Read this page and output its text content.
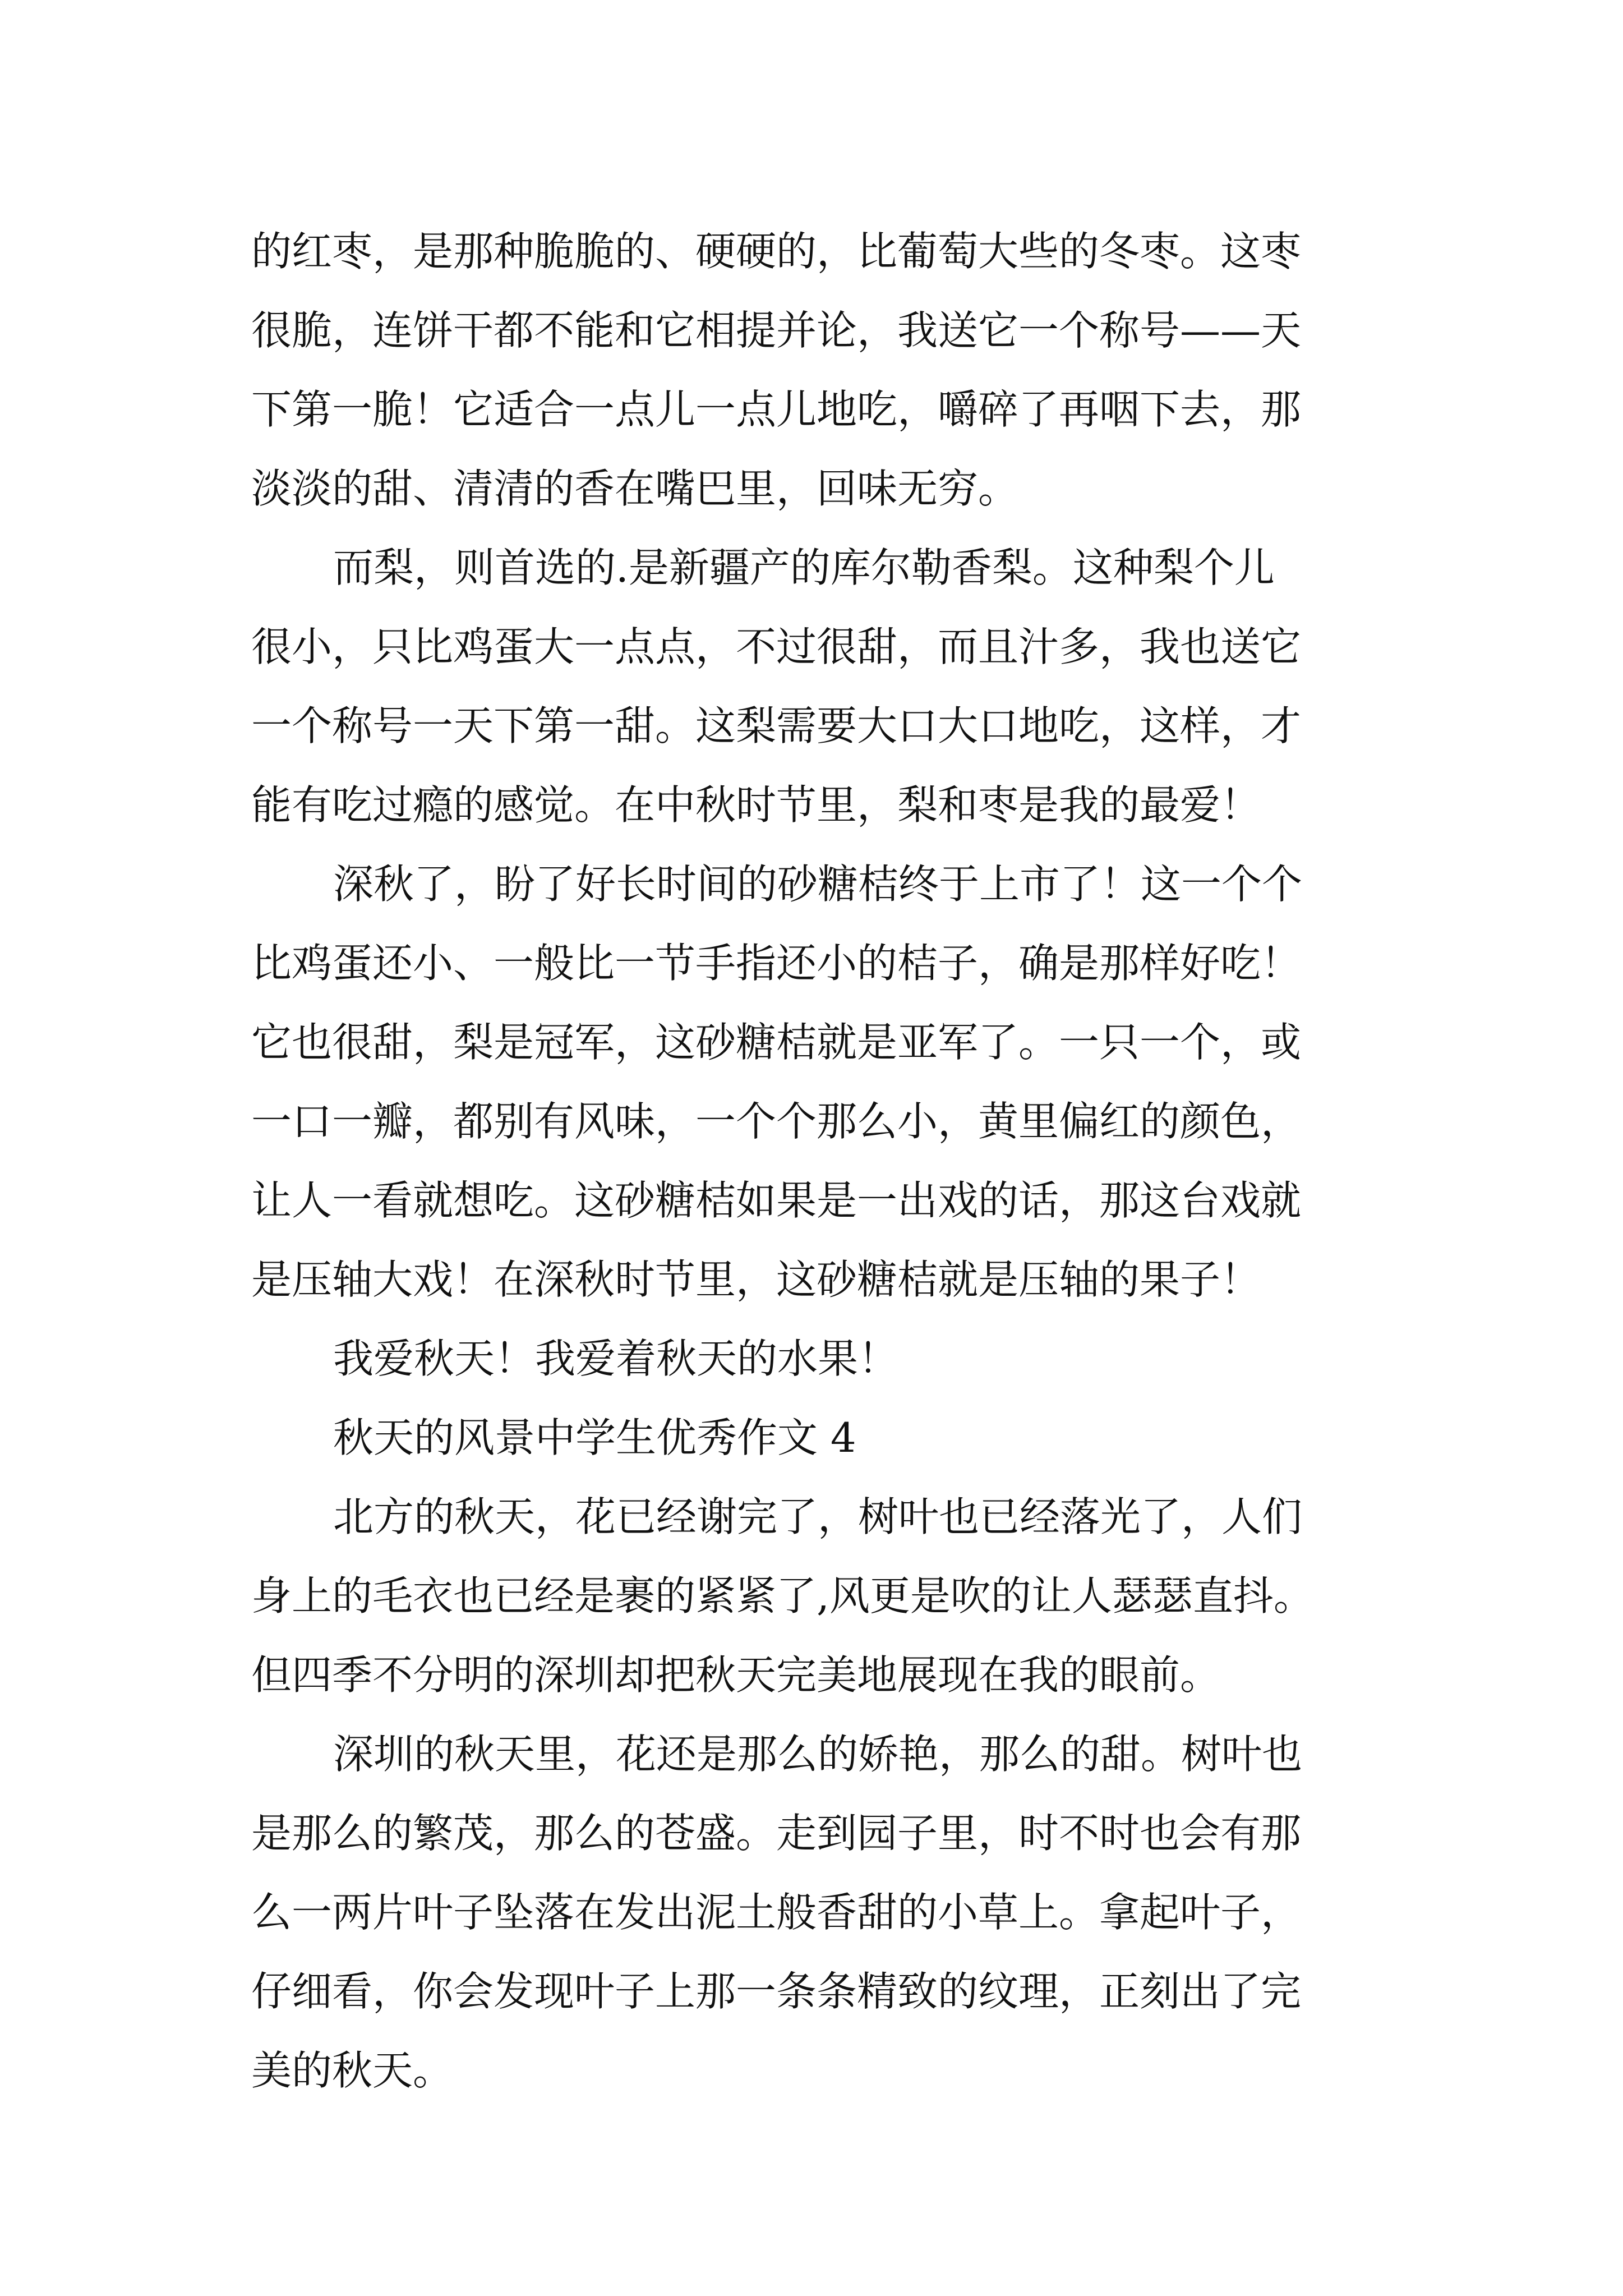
的红枣，是那种脆脆的、硬硬的，比葡萄大些的冬枣。这枣
很脆，连饼干都不能和它相提并论，我送它一个称号——天
下第一脆！它适合一点儿一点儿地吃，嚼碎了再咽下去，那
淡淡的甜、清清的香在嘴巴里，回味无穷。
而梨，则首选的.是新疆产的库尔勒香梨。这种梨个儿
很小，只比鸡蛋大一点点，不过很甜，而且汁多，我也送它
一个称号一天下第一甜。这梨需要大口大口地吃，这样，才
能有吃过瘾的感觉。在中秋时节里，梨和枣是我的最爱！
深秋了，盼了好长时间的砂糖桔终于上市了！这一个个
比鸡蛋还小、一般比一节手指还小的桔子，确是那样好吃！
它也很甜，梨是冠军，这砂糖桔就是亚军了。一只一个，或
一口一瓣，都别有风味，一个个那么小，黄里偏红的颜色，
让人一看就想吃。这砂糖桔如果是一出戏的话，那这台戏就
是压轴大戏！在深秋时节里，这砂糖桔就是压轴的果子！
我爱秋天！我爱着秋天的水果！
秋天的风景中学生优秀作文 4
北方的秋天，花已经谢完了，树叶也已经落光了，人们
身上的毛衣也已经是裹的紧紧了,风更是吹的让人瑟瑟直抖。
但四季不分明的深圳却把秋天完美地展现在我的眼前。
深圳的秋天里，花还是那么的娇艳，那么的甜。树叶也
是那么的繁茂，那么的苍盛。走到园子里，时不时也会有那
么一两片叶子坠落在发出泥土般香甜的小草上。拿起叶子，
仔细看，你会发现叶子上那一条条精致的纹理，正刻出了完
美的秋天。
